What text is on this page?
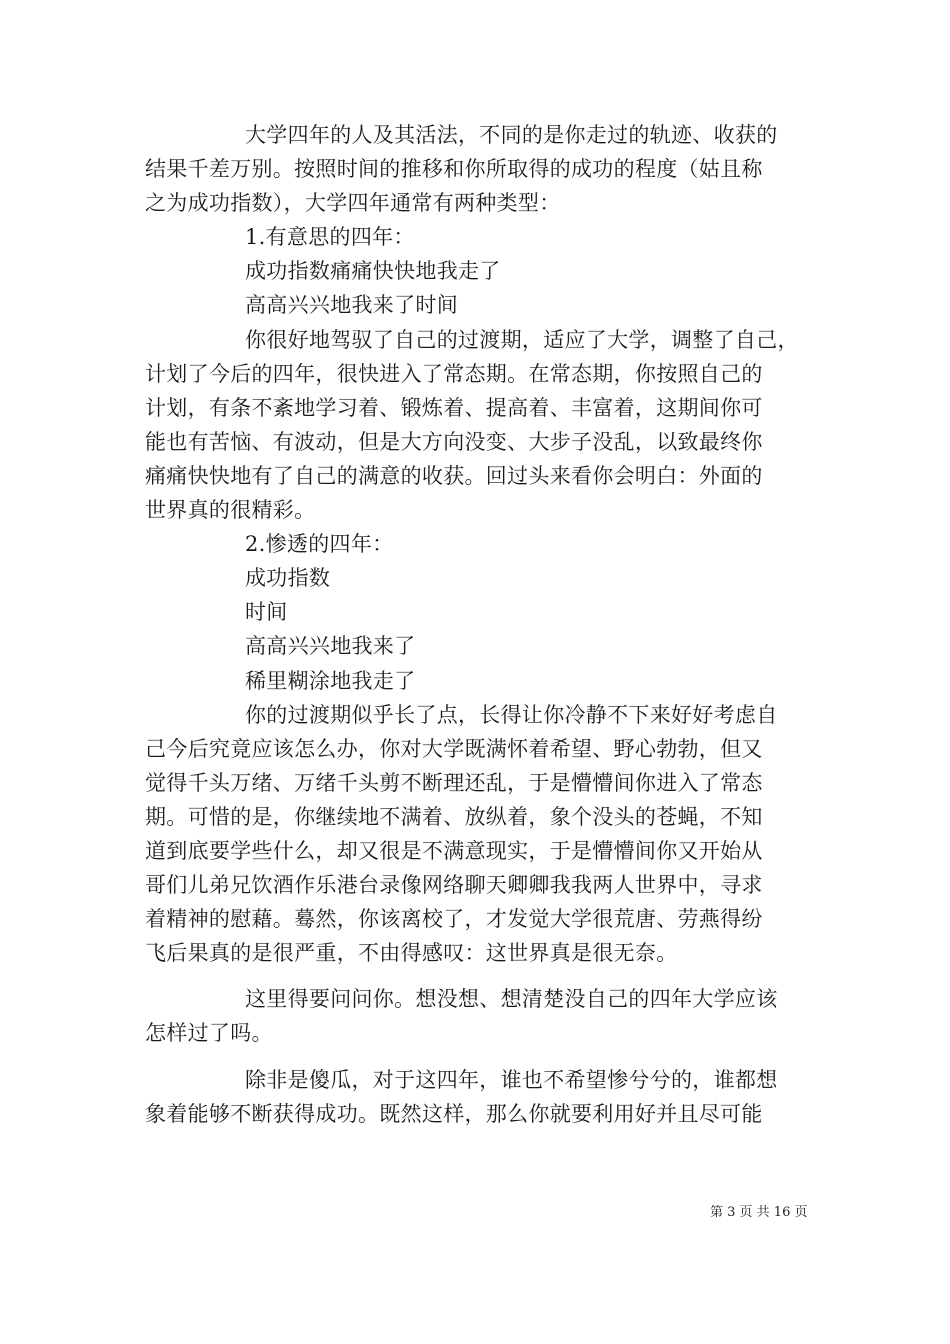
大学四年的人及其活法，不同的是你走过的轨迹、收获的
结果千差万别。按照时间的推移和你所取得的成功的程度（姑且称
之为成功指数），大学四年通常有两种类型：
1.有意思的四年：
成功指数痛痛快快地我走了
高高兴兴地我来了时间
你很好地驾驭了自己的过渡期，适应了大学，调整了自己，
计划了今后的四年，很快进入了常态期。在常态期，你按照自己的
计划，有条不紊地学习着、锻炼着、提高着、丰富着，这期间你可
能也有苦恼、有波动，但是大方向没变、大步子没乱，以致最终你
痛痛快快地有了自己的满意的收获。回过头来看你会明白：外面的
世界真的很精彩。
2.惨透的四年：
成功指数
时间
高高兴兴地我来了
稀里糊涂地我走了
你的过渡期似乎长了点，长得让你冷静不下来好好考虑自
己今后究竟应该怎么办，你对大学既满怀着希望、野心勃勃，但又
觉得千头万绪、万绪千头剪不断理还乱，于是懵懵间你进入了常态
期。可惜的是，你继续地不满着、放纵着，象个没头的苍蝇，不知
道到底要学些什么，却又很是不满意现实，于是懵懵间你又开始从
哥们儿弟兄饮酒作乐港台录像网络聊天卿卿我我两人世界中，寻求
着精神的慰藉。蓦然，你该离校了，才发觉大学很荒唐、劳燕得纷
飞后果真的是很严重，不由得感叹：这世界真是很无奈。
这里得要问问你。想没想、想清楚没自己的四年大学应该
怎样过了吗。
除非是傻瓜，对于这四年，谁也不希望惨兮兮的，谁都想
象着能够不断获得成功。既然这样，那么你就要利用好并且尽可能
第 3 页 共 16 页
